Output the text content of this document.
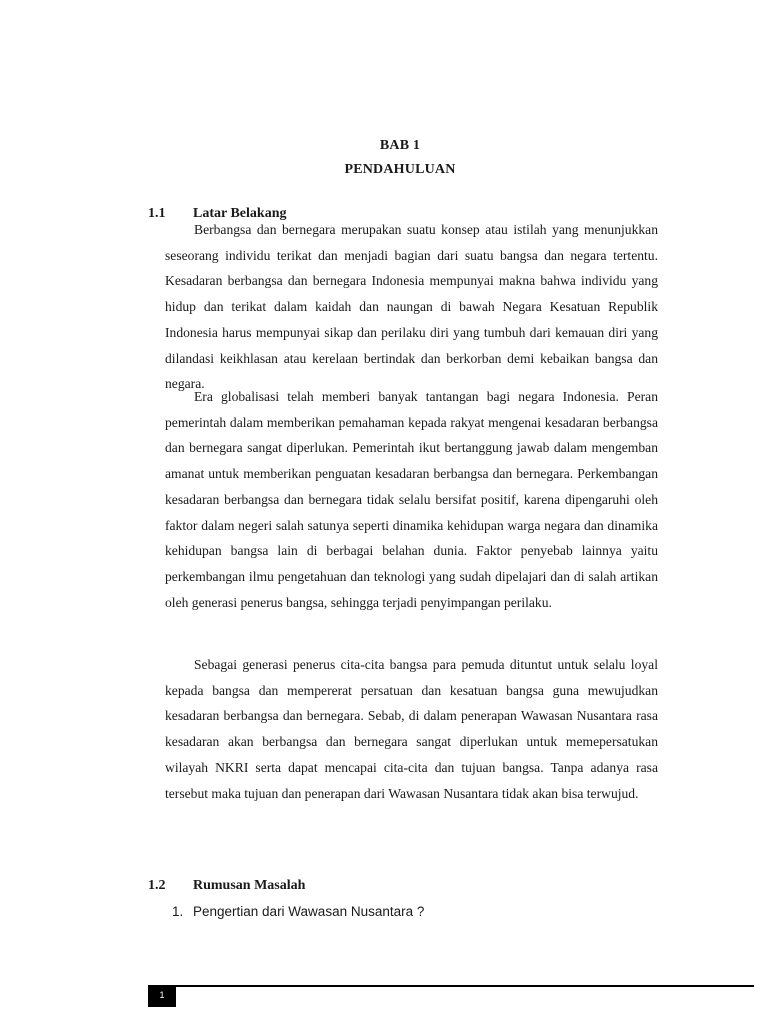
BAB 1
PENDAHULUAN
1.1 Latar Belakang

Berbangsa dan bernegara merupakan suatu konsep atau istilah yang menunjukkan seseorang individu terikat dan menjadi bagian dari suatu bangsa dan negara tertentu. Kesadaran berbangsa dan bernegara Indonesia mempunyai makna bahwa individu yang hidup dan terikat dalam kaidah dan naungan di bawah Negara Kesatuan Republik Indonesia harus mempunyai sikap dan perilaku diri yang tumbuh dari kemauan diri yang dilandasi keikhlasan atau kerelaan bertindak dan berkorban demi kebaikan bangsa dan negara.

Era globalisasi telah memberi banyak tantangan bagi negara Indonesia. Peran pemerintah dalam memberikan pemahaman kepada rakyat mengenai kesadaran berbangsa dan bernegara sangat diperlukan. Pemerintah ikut bertanggung jawab dalam mengemban amanat untuk memberikan penguatan kesadaran berbangsa dan bernegara. Perkembangan kesadaran berbangsa dan bernegara tidak selalu bersifat positif, karena dipengaruhi oleh faktor dalam negeri salah satunya seperti dinamika kehidupan warga negara dan dinamika kehidupan bangsa lain di berbagai belahan dunia. Faktor penyebab lainnya yaitu perkembangan ilmu pengetahuan dan teknologi yang sudah dipelajari dan di salah artikan oleh generasi penerus bangsa, sehingga terjadi penyimpangan perilaku.

Sebagai generasi penerus cita-cita bangsa para pemuda dituntut untuk selalu loyal kepada bangsa dan mempererat persatuan dan kesatuan bangsa guna mewujudkan kesadaran berbangsa dan bernegara. Sebab, di dalam penerapan Wawasan Nusantara rasa kesadaran akan berbangsa dan bernegara sangat diperlukan untuk memepersatukan wilayah NKRI serta dapat mencapai cita-cita dan tujuan bangsa. Tanpa adanya rasa tersebut maka tujuan dan penerapan dari Wawasan Nusantara tidak akan bisa terwujud.

1.2 Rumusan Masalah
1. Pengertian dari Wawasan Nusantara ?
1
